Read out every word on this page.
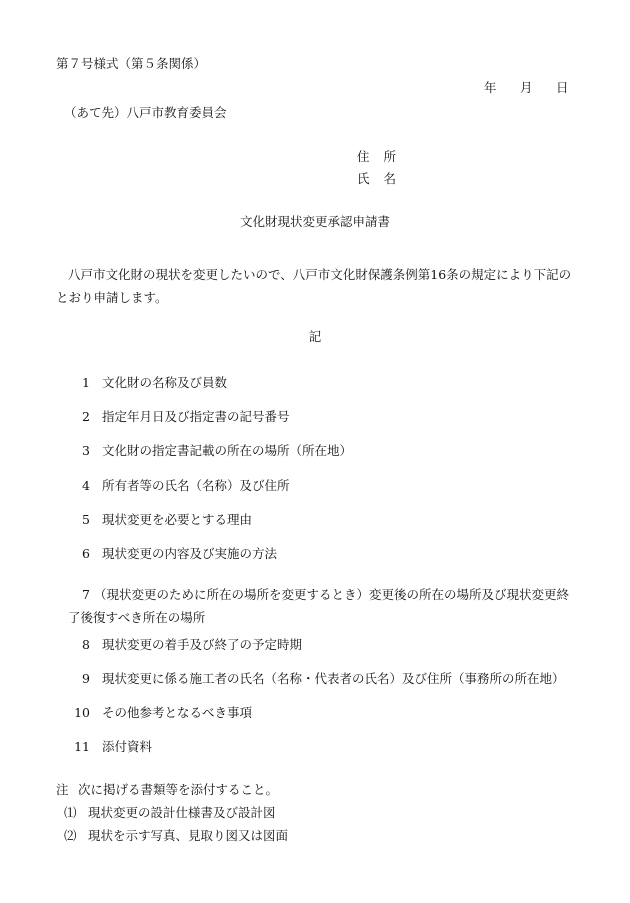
第７号様式（第５条関係）
年 月 日
（あて先）八戸市教育委員会
住 所
氏 名
文化財現状変更承認申請書
八戸市文化財の現状を変更したいので、八戸市文化財保護条例第16条の規定により下記のとおり申請します。
記
1 文化財の名称及び員数
2 指定年月日及び指定書の記号番号
3 文化財の指定書記載の所在の場所（所在地）
4 所有者等の氏名（名称）及び住所
5 現状変更を必要とする理由
6 現状変更の内容及び実施の方法
7 （現状変更のために所在の場所を変更するとき）変更後の所在の場所及び現状変更終了後復すべき所在の場所
8 現状変更の着手及び終了の予定時期
9 現状変更に係る施工者の氏名（名称・代表者の氏名）及び住所（事務所の所在地）
10 その他参考となるべき事項
11 添付資料
注 次に掲げる書類等を添付すること。
⑴ 現状変更の設計仕様書及び設計図
⑵ 現状を示す写真、見取り図又は図面
